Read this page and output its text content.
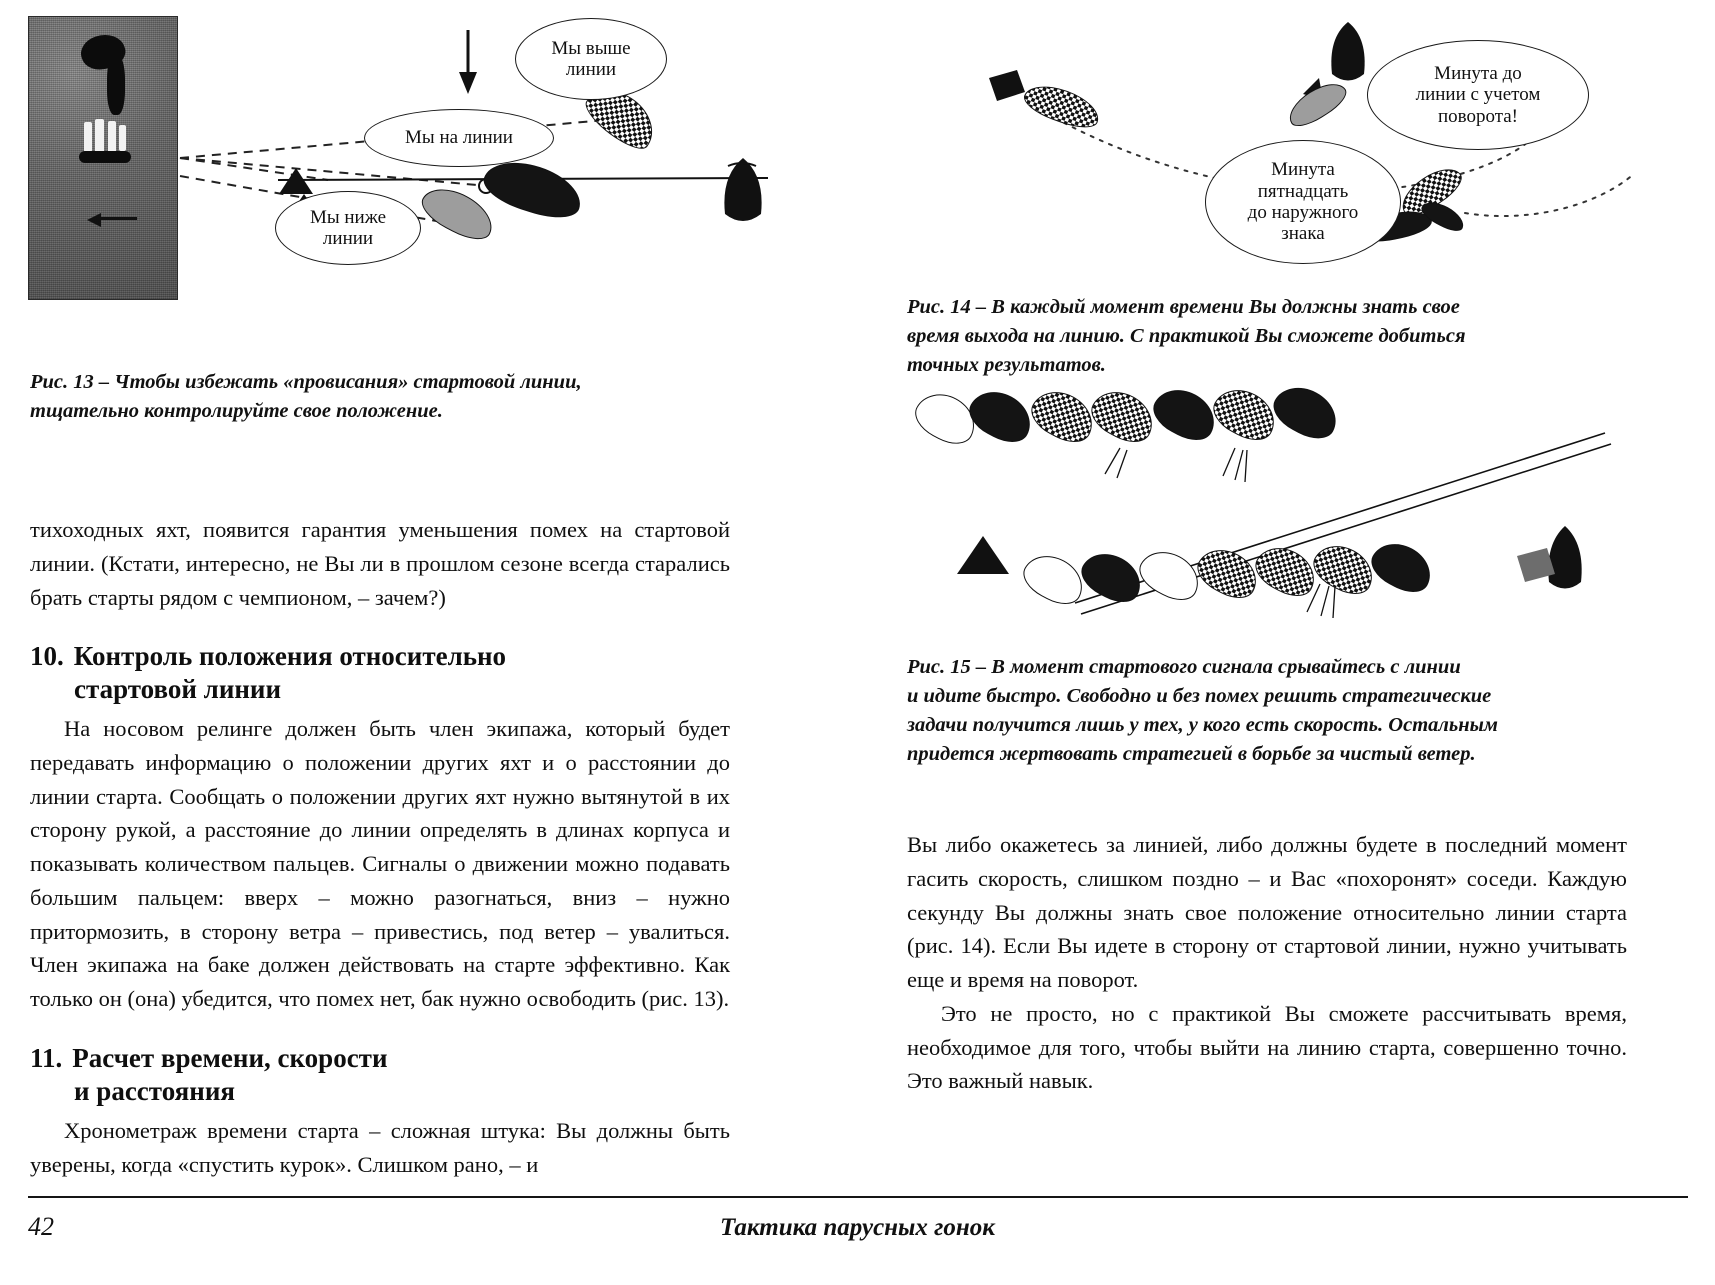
Мы выше
линии
Мы на линии
Мы ниже
линии
Рис. 13 – Чтобы избежать «провисания» стартовой линии,
тщательно контролируйте свое положение.

тихоходных яхт, появится гарантия уменьшения помех на стартовой линии. (Кстати, интересно, не Вы ли в прошлом сезоне всегда старались брать старты рядом с чемпионом, – зачем?)

10. Контроль положения относительно
стартовой линии

На носовом релинге должен быть член экипажа, который будет передавать информацию о положении других яхт и о расстоянии до линии старта. Сообщать о положении других яхт нужно вытянутой в их сторону рукой, а расстояние до линии определять в длинах корпуса и показывать количеством пальцев. Сигналы о движении можно подавать большим пальцем: вверх – можно разогнаться, вниз – нужно притормозить, в сторону ветра – привестись, под ветер – увалиться. Член экипажа на баке должен действовать на старте эффективно. Как только он (она) убедится, что помех нет, бак нужно освободить (рис. 13).

11. Расчет времени, скорости
и расстояния

Хронометраж времени старта – сложная штука: Вы должны быть уверены, когда «спустить курок». Слишком рано, – и

Минута до
линии с учетом
поворота!
Минута
пятнадцать
до наружного
знака
Рис. 14 – В каждый момент времени Вы должны знать свое
время выхода на линию. С практикой Вы сможете добиться
точных результатов.
Рис. 15 – В момент стартового сигнала срывайтесь с линии
и идите быстро. Свободно и без помех решить стратегические
задачи получится лишь у тех, у кого есть скорость. Остальным
придется жертвовать стратегией в борьбе за чистый ветер.

Вы либо окажетесь за линией, либо должны будете в последний момент гасить скорость, слишком поздно – и Вас «похоронят» соседи. Каждую секунду Вы должны знать свое положение относительно линии старта (рис. 14). Если Вы идете в сторону от стартовой линии, нужно учитывать еще и время на поворот.

Это не просто, но с практикой Вы сможете рассчитывать время, необходимое для того, чтобы выйти на линию старта, совершенно точно. Это важный навык.

42	Тактика парусных гонок
